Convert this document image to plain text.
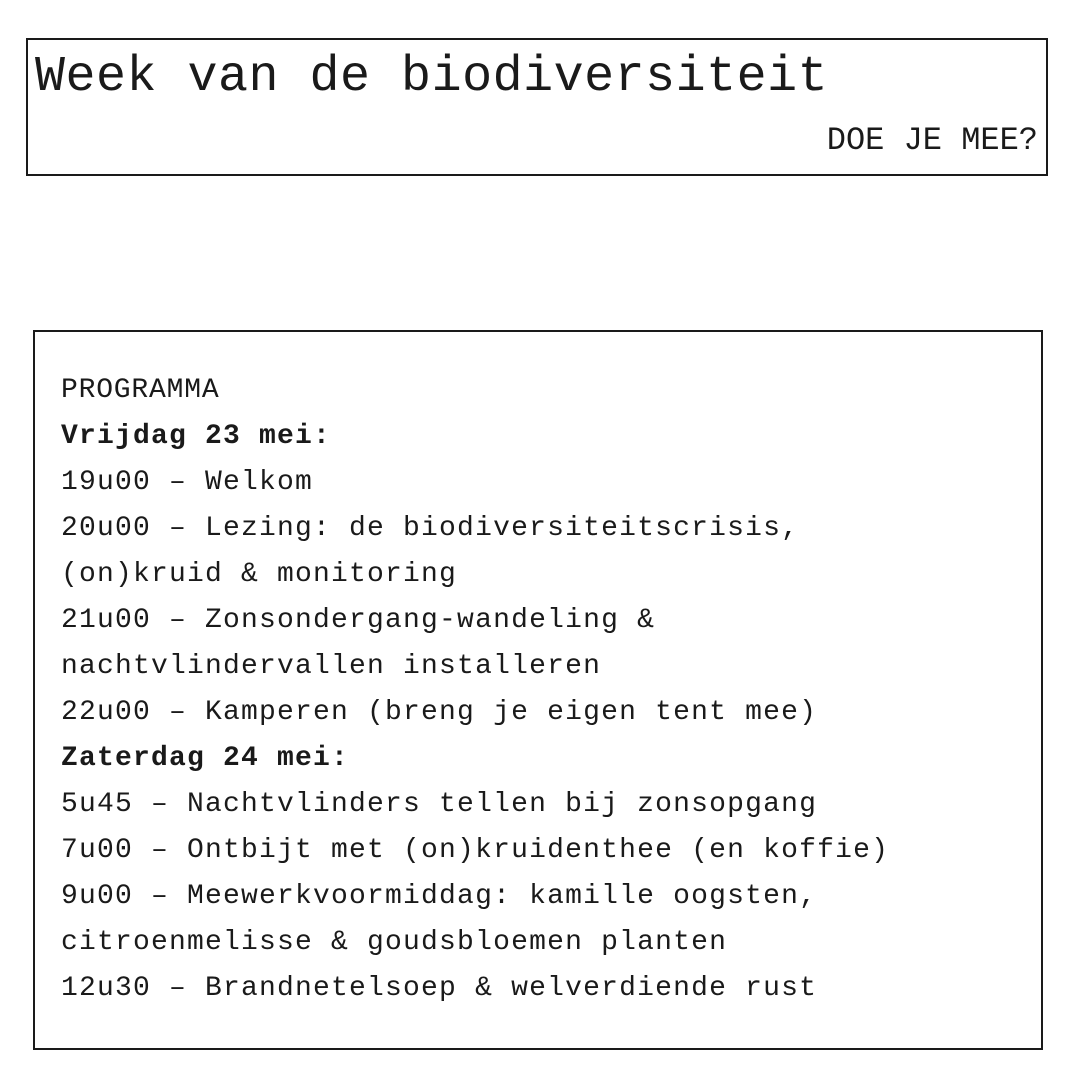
Week van de biodiversiteit
DOE JE MEE?
PROGRAMMA
Vrijdag 23 mei:
19u00 – Welkom
20u00 – Lezing: de biodiversiteitscrisis,
(on)kruid & monitoring
21u00 – Zonsondergang-wandeling &
nachtvlindervallen installeren
22u00 – Kamperen (breng je eigen tent mee)
Zaterdag 24 mei:
5u45 – Nachtvlinders tellen bij zonsopgang
7u00 – Ontbijt met (on)kruidenthee (en koffie)
9u00 – Meewerkvoormiddag: kamille oogsten,
citroenmelisse & goudsbloemen planten
12u30 – Brandnetelsoep & welverdiende rust
